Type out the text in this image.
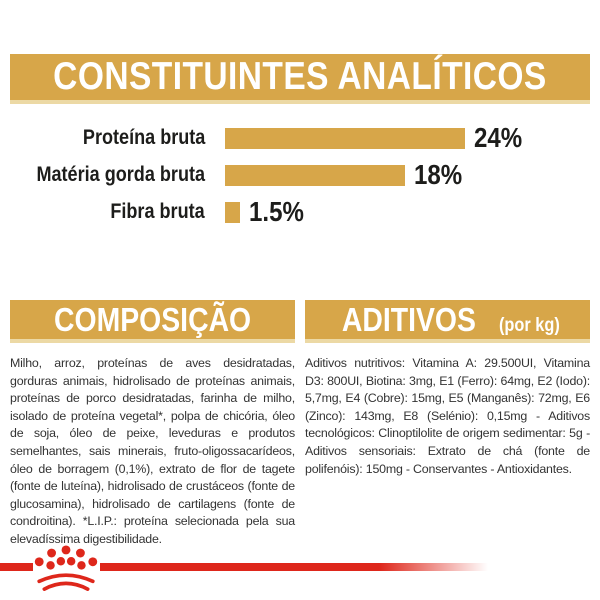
CONSTITUINTES ANALÍTICOS
Proteína bruta	24%
Matéria gorda bruta	18%
Fibra bruta 1.5%
COMPOSIÇÃO	ADITIVOS (por kg)

Milho, arroz, proteínas de aves desidratadas, gorduras animais, hidrolisado de proteínas animais, proteínas de porco desidratadas, farinha de milho, isolado de proteína vegetal*, polpa de chicória, óleo de soja, óleo de peixe, leveduras e produtos semelhantes, sais minerais, fruto-oligossacarídeos, óleo de borragem (0,1%), extrato de flor de tagete (fonte de luteína), hidrolisado de crustáceos (fonte de glucosamina), hidrolisado de cartilagens (fonte de condroitina). *L.I.P.: proteína selecionada pela sua elevadíssima digestibilidade.

Aditivos nutritivos: Vitamina A: 29.500UI, Vitamina D3: 800UI, Biotina: 3mg, E1 (Ferro): 64mg, E2 (Iodo): 5,7mg, E4 (Cobre): 15mg, E5 (Manganês): 72mg, E6 (Zinco): 143mg, E8 (Selénio): 0,15mg - Aditivos tecnológicos: Clinoptilolite de origem sedimentar: 5g - Aditivos sensoriais: Extrato de chá (fonte de polifenóis): 150mg - Conservantes - Antioxidantes.
